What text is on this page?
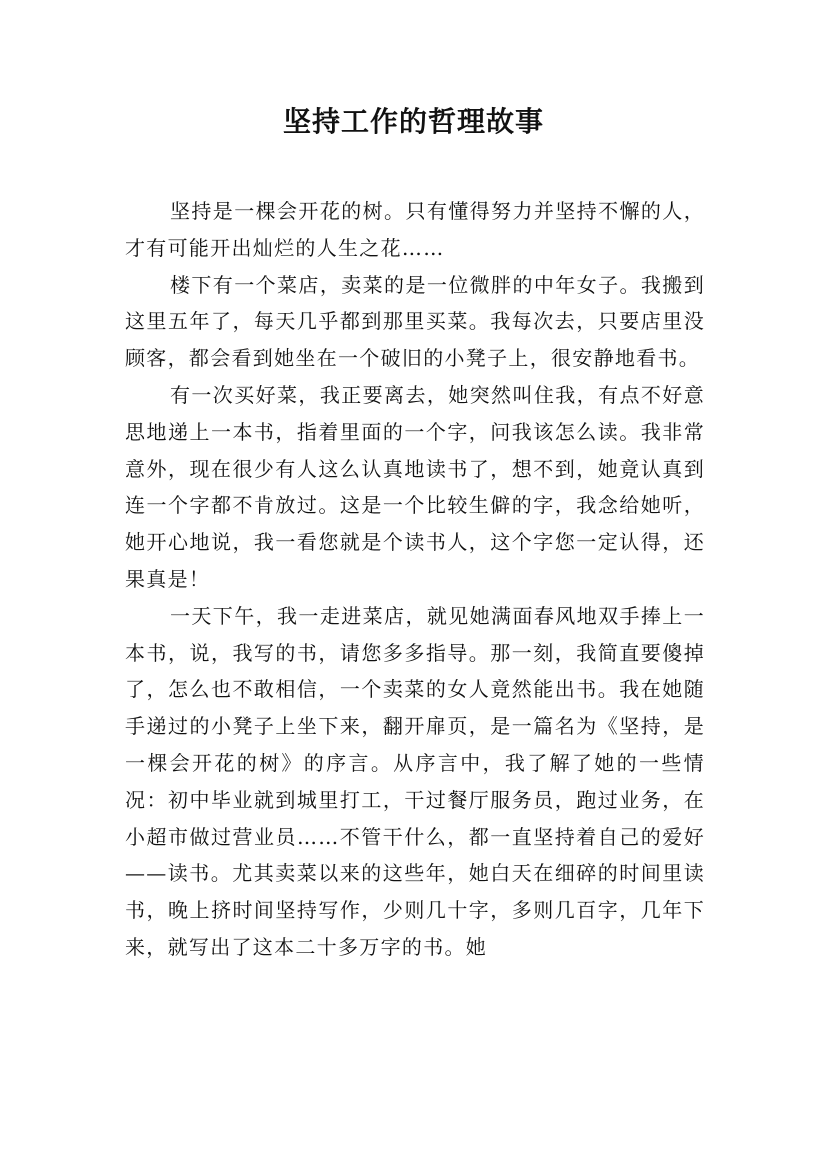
坚持工作的哲理故事

坚持是一棵会开花的树。只有懂得努力并坚持不懈的人，才有可能开出灿烂的人生之花……

楼下有一个菜店，卖菜的是一位微胖的中年女子。我搬到这里五年了，每天几乎都到那里买菜。我每次去，只要店里没顾客，都会看到她坐在一个破旧的小凳子上，很安静地看书。

有一次买好菜，我正要离去，她突然叫住我，有点不好意思地递上一本书，指着里面的一个字，问我该怎么读。我非常意外，现在很少有人这么认真地读书了，想不到，她竟认真到连一个字都不肯放过。这是一个比较生僻的字，我念给她听，她开心地说，我一看您就是个读书人，这个字您一定认得，还果真是！

一天下午，我一走进菜店，就见她满面春风地双手捧上一本书，说，我写的书，请您多多指导。那一刻，我简直要傻掉了，怎么也不敢相信，一个卖菜的女人竟然能出书。我在她随手递过的小凳子上坐下来，翻开扉页，是一篇名为《坚持，是一棵会开花的树》的序言。从序言中，我了解了她的一些情况：初中毕业就到城里打工，干过餐厅服务员，跑过业务，在小超市做过营业员……不管干什么，都一直坚持着自己的爱好——读书。尤其卖菜以来的这些年，她白天在细碎的时间里读书，晚上挤时间坚持写作，少则几十字，多则几百字，几年下来，就写出了这本二十多万字的书。她
